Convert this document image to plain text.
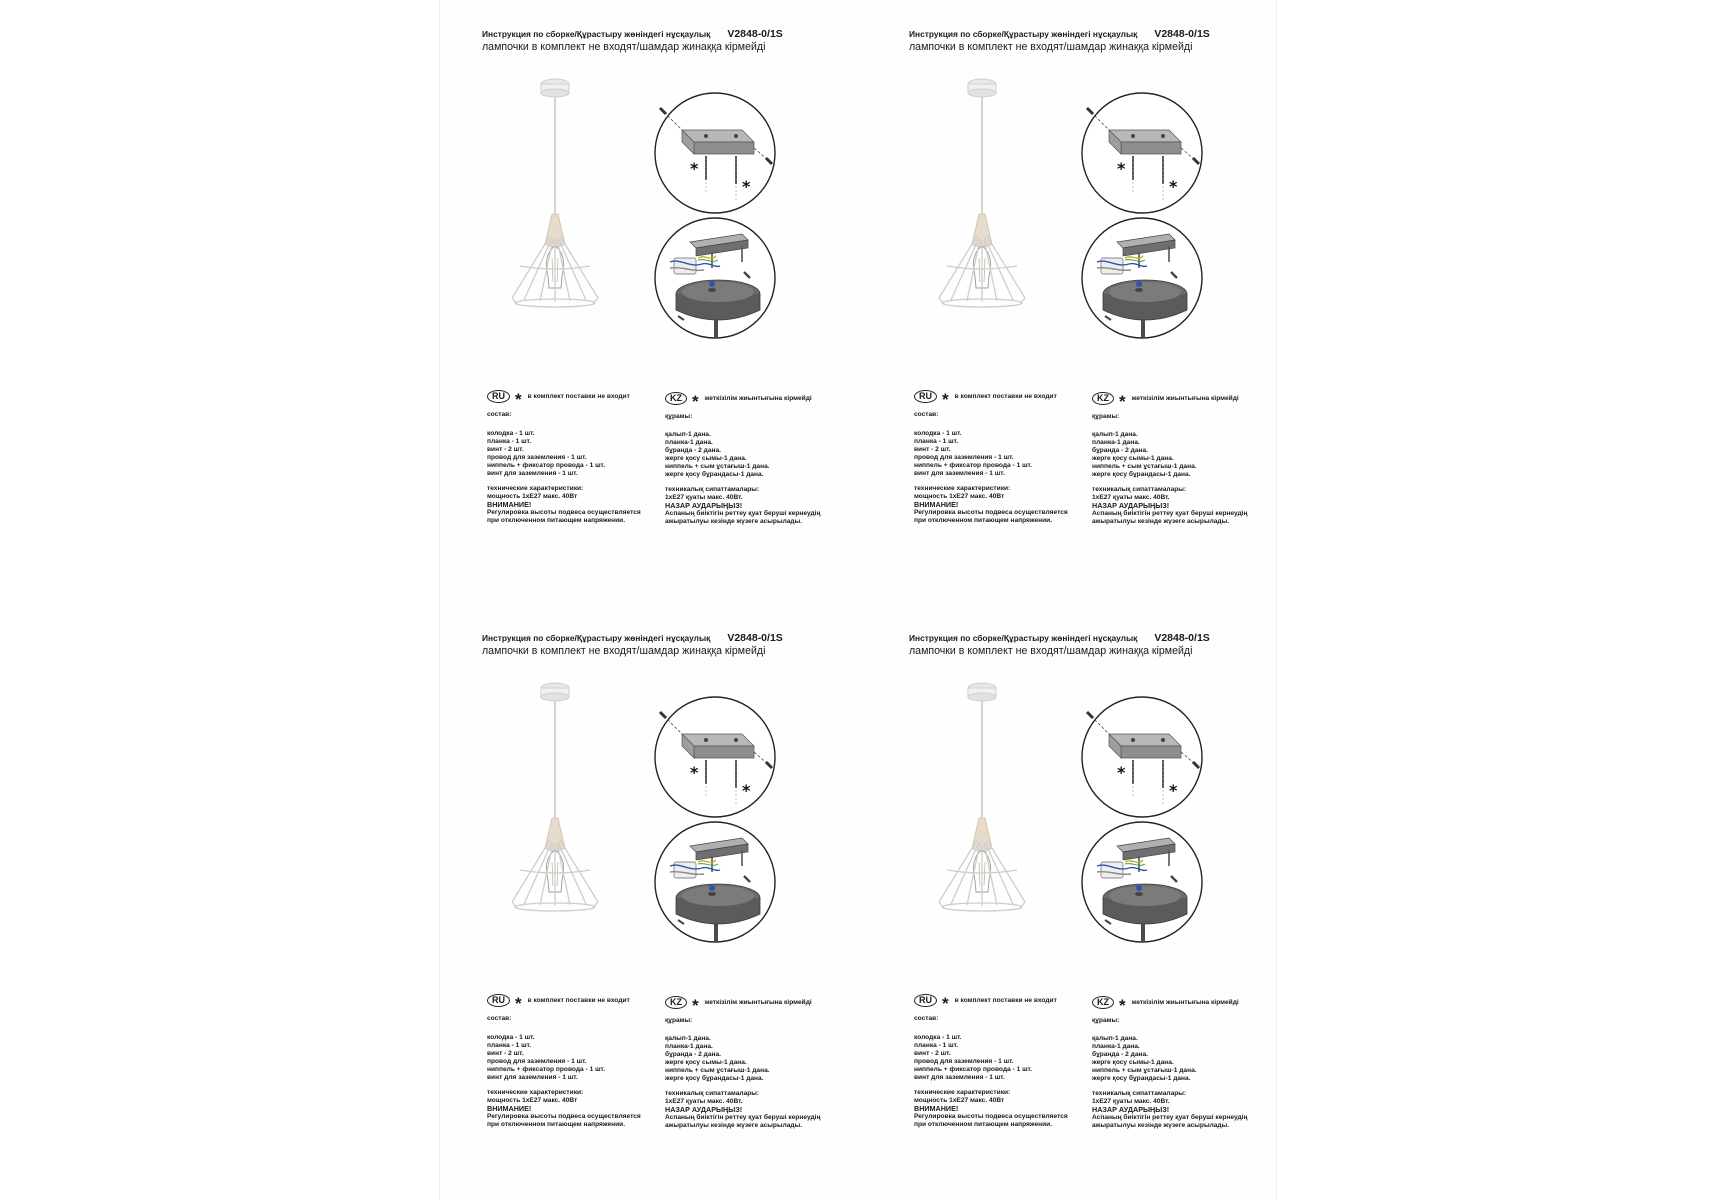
Инструкция по сборке/Құрастыру жөніндегі нұсқаулық V2848-0/1S
лампочки в комплект не входят/шамдар жинаққа кірмейді
*
*
RU * в комплект поставки не входит
состав:
колодка - 1 шт.
планка - 1 шт.
винт - 2 шт.
провод для заземления - 1 шт.
ниппель + фиксатор провода - 1 шт.
винт для заземления - 1 шт.
технические характеристики:
мощность 1хЕ27 макс. 40Вт
ВНИМАНИЕ!
Регулировка высоты подвеса осуществляется
при отключенном питающем напряжении.
KZ * жеткізілім жиынтығына кірмейді
құрамы:
қалып-1 дана.
планка-1 дана.
бұранда - 2 дана.
жерге қосу сымы-1 дана.
ниппель + сым ұстағыш-1 дана.
жерге қосу бұрандасы-1 дана.
техникалық сипаттамалары:
1хЕ27 қуаты макс. 40Вт.
НАЗАР АУДАРЫҢЫЗ!
Аспаның биіктігін реттеу қуат беруші кернеудің
ажыратылуы кезінде жүзеге асырылады.
Инструкция по сборке/Құрастыру жөніндегі нұсқаулық V2848-0/1S
лампочки в комплект не входят/шамдар жинаққа кірмейді
*
*
RU * в комплект поставки не входит
состав:
колодка - 1 шт.
планка - 1 шт.
винт - 2 шт.
провод для заземления - 1 шт.
ниппель + фиксатор провода - 1 шт.
винт для заземления - 1 шт.
технические характеристики:
мощность 1хЕ27 макс. 40Вт
ВНИМАНИЕ!
Регулировка высоты подвеса осуществляется
при отключенном питающем напряжении.
KZ * жеткізілім жиынтығына кірмейді
құрамы:
қалып-1 дана.
планка-1 дана.
бұранда - 2 дана.
жерге қосу сымы-1 дана.
ниппель + сым ұстағыш-1 дана.
жерге қосу бұрандасы-1 дана.
техникалық сипаттамалары:
1хЕ27 қуаты макс. 40Вт.
НАЗАР АУДАРЫҢЫЗ!
Аспаның биіктігін реттеу қуат беруші кернеудің
ажыратылуы кезінде жүзеге асырылады.
Инструкция по сборке/Құрастыру жөніндегі нұсқаулық V2848-0/1S
лампочки в комплект не входят/шамдар жинаққа кірмейді
*
*
RU * в комплект поставки не входит
состав:
колодка - 1 шт.
планка - 1 шт.
винт - 2 шт.
провод для заземления - 1 шт.
ниппель + фиксатор провода - 1 шт.
винт для заземления - 1 шт.
технические характеристики:
мощность 1хЕ27 макс. 40Вт
ВНИМАНИЕ!
Регулировка высоты подвеса осуществляется
при отключенном питающем напряжении.
KZ * жеткізілім жиынтығына кірмейді
құрамы:
қалып-1 дана.
планка-1 дана.
бұранда - 2 дана.
жерге қосу сымы-1 дана.
ниппель + сым ұстағыш-1 дана.
жерге қосу бұрандасы-1 дана.
техникалық сипаттамалары:
1хЕ27 қуаты макс. 40Вт.
НАЗАР АУДАРЫҢЫЗ!
Аспаның биіктігін реттеу қуат беруші кернеудің
ажыратылуы кезінде жүзеге асырылады.
Инструкция по сборке/Құрастыру жөніндегі нұсқаулық V2848-0/1S
лампочки в комплект не входят/шамдар жинаққа кірмейді
*
*
RU * в комплект поставки не входит
состав:
колодка - 1 шт.
планка - 1 шт.
винт - 2 шт.
провод для заземления - 1 шт.
ниппель + фиксатор провода - 1 шт.
винт для заземления - 1 шт.
технические характеристики:
мощность 1хЕ27 макс. 40Вт
ВНИМАНИЕ!
Регулировка высоты подвеса осуществляется
при отключенном питающем напряжении.
KZ * жеткізілім жиынтығына кірмейді
құрамы:
қалып-1 дана.
планка-1 дана.
бұранда - 2 дана.
жерге қосу сымы-1 дана.
ниппель + сым ұстағыш-1 дана.
жерге қосу бұрандасы-1 дана.
техникалық сипаттамалары:
1хЕ27 қуаты макс. 40Вт.
НАЗАР АУДАРЫҢЫЗ!
Аспаның биіктігін реттеу қуат беруші кернеудің
ажыратылуы кезінде жүзеге асырылады.
